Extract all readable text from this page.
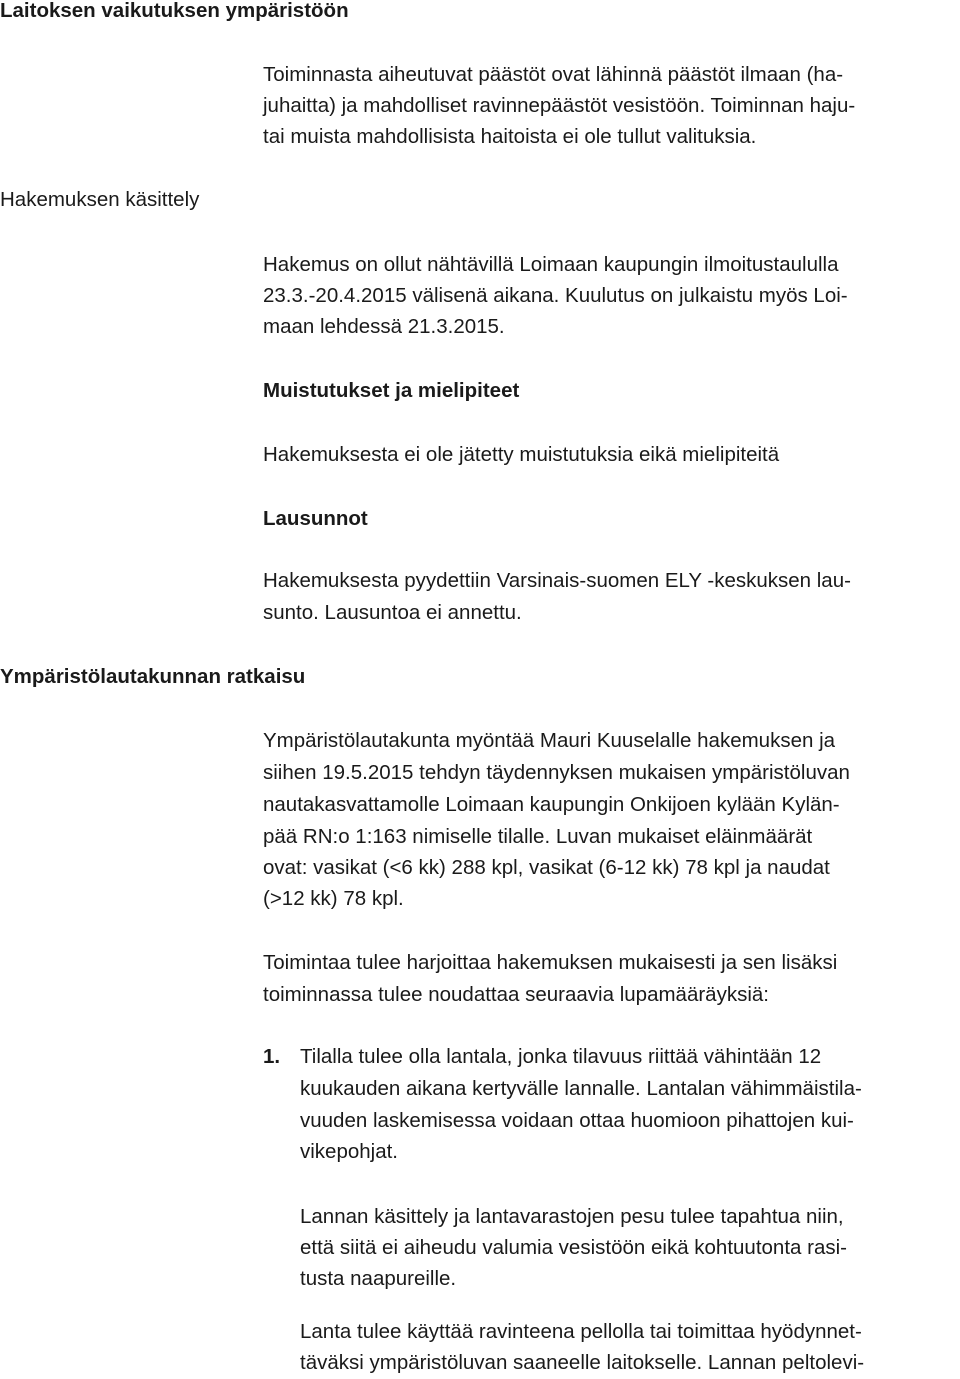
Laitoksen vaikutuksen ympäristöön
Toiminnasta aiheutuvat päästöt ovat lähinnä päästöt ilmaan (ha-
juhaitta) ja mahdolliset ravinnepäästöt vesistöön. Toiminnan haju-
tai muista mahdollisista haitoista ei ole tullut valituksia.
Hakemuksen käsittely
Hakemus on ollut nähtävillä Loimaan kaupungin ilmoitustaululla
23.3.-20.4.2015 välisenä aikana. Kuulutus on julkaistu myös Loi-
maan lehdessä 21.3.2015.
Muistutukset ja mielipiteet
Hakemuksesta ei ole jätetty muistutuksia eikä mielipiteitä
Lausunnot
Hakemuksesta pyydettiin Varsinais-suomen ELY -keskuksen lau-
sunto. Lausuntoa ei annettu.
Ympäristölautakunnan ratkaisu
Ympäristölautakunta myöntää Mauri Kuuselalle hakemuksen ja
siihen 19.5.2015 tehdyn täydennyksen mukaisen ympäristöluvan
nautakasvattamolle Loimaan kaupungin Onkijoen kylään Kylän-
pää RN:o 1:163 nimiselle tilalle. Luvan mukaiset eläinmäärät
ovat: vasikat (<6 kk) 288 kpl, vasikat (6-12 kk) 78 kpl ja naudat
(>12 kk) 78 kpl.
Toimintaa tulee harjoittaa hakemuksen mukaisesti ja sen lisäksi
toiminnassa tulee noudattaa seuraavia lupamääräyksiä:
1. Tilalla tulee olla lantala, jonka tilavuus riittää vähintään 12
kuukauden aikana kertyvälle lannalle. Lantalan vähimmäistila-
vuuden laskemisessa voidaan ottaa huomioon pihattojen kui-
vikepohjat.
Lannan käsittely ja lantavarastojen pesu tulee tapahtua niin,
että siitä ei aiheudu valumia vesistöön eikä kohtuutonta rasi-
tusta naapureille.
Lanta tulee käyttää ravinteena pellolla tai toimittaa hyödynnet-
täväksi ympäristöluvan saaneelle laitokselle. Lannan peltolevi-
